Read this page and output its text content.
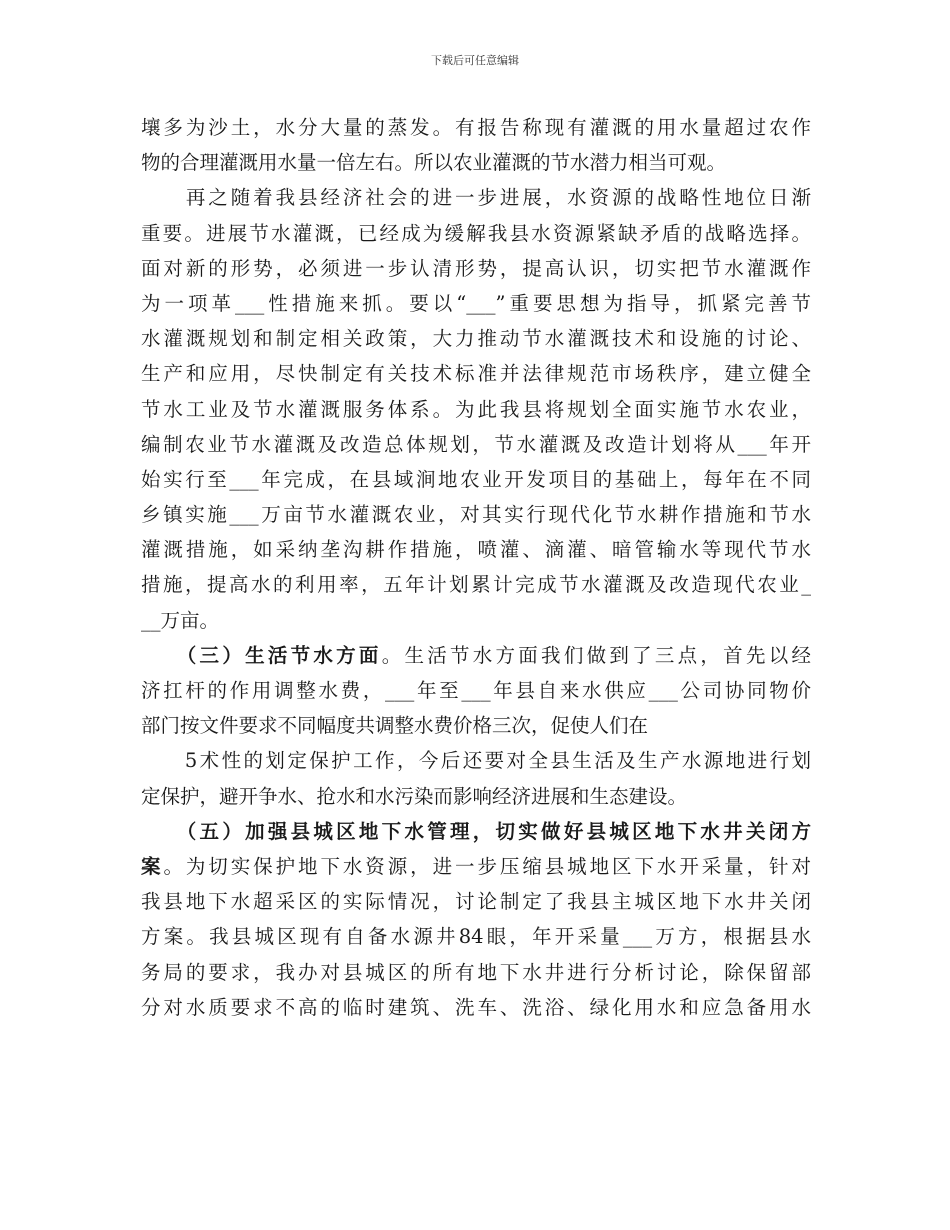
下载后可任意编辑
壤多为沙土，水分大量的蒸发。有报告称现有灌溉的用水量超过农作
物的合理灌溉用水量一倍左右。所以农业灌溉的节水潜力相当可观。
　　再之随着我县经济社会的进一步进展，水资源的战略性地位日渐
重要。进展节水灌溉，已经成为缓解我县水资源紧缺矛盾的战略选择。
面对新的形势，必须进一步认清形势，提高认识，切实把节水灌溉作
为一项革___性措施来抓。要以“___”重要思想为指导，抓紧完善节
水灌溉规划和制定相关政策，大力推动节水灌溉技术和设施的讨论、
生产和应用，尽快制定有关技术标准并法律规范市场秩序，建立健全
节水工业及节水灌溉服务体系。为此我县将规划全面实施节水农业，
编制农业节水灌溉及改造总体规划，节水灌溉及改造计划将从___年开
始实行至___年完成，在县域涧地农业开发项目的基础上，每年在不同
乡镇实施___万亩节水灌溉农业，对其实行现代化节水耕作措施和节水
灌溉措施，如采纳垄沟耕作措施，喷灌、滴灌、暗管输水等现代节水
措施，提高水的利用率，五年计划累计完成节水灌溉及改造现代农业_
__万亩。
　　（三）生活节水方面。生活节水方面我们做到了三点，首先以经
济扛杆的作用调整水费，___年至___年县自来水供应___公司协同物价
部门按文件要求不同幅度共调整水费价格三次，促使人们在
　　5术性的划定保护工作，今后还要对全县生活及生产水源地进行划
定保护，避开争水、抢水和水污染而影响经济进展和生态建设。
　　（五）加强县城区地下水管理，切实做好县城区地下水井关闭方
案。为切实保护地下水资源，进一步压缩县城地区下水开采量，针对
我县地下水超采区的实际情况，讨论制定了我县主城区地下水井关闭
方案。我县城区现有自备水源井84眼，年开采量___万方，根据县水
务局的要求，我办对县城区的所有地下水井进行分析讨论，除保留部
分对水质要求不高的临时建筑、洗车、洗浴、绿化用水和应急备用水
